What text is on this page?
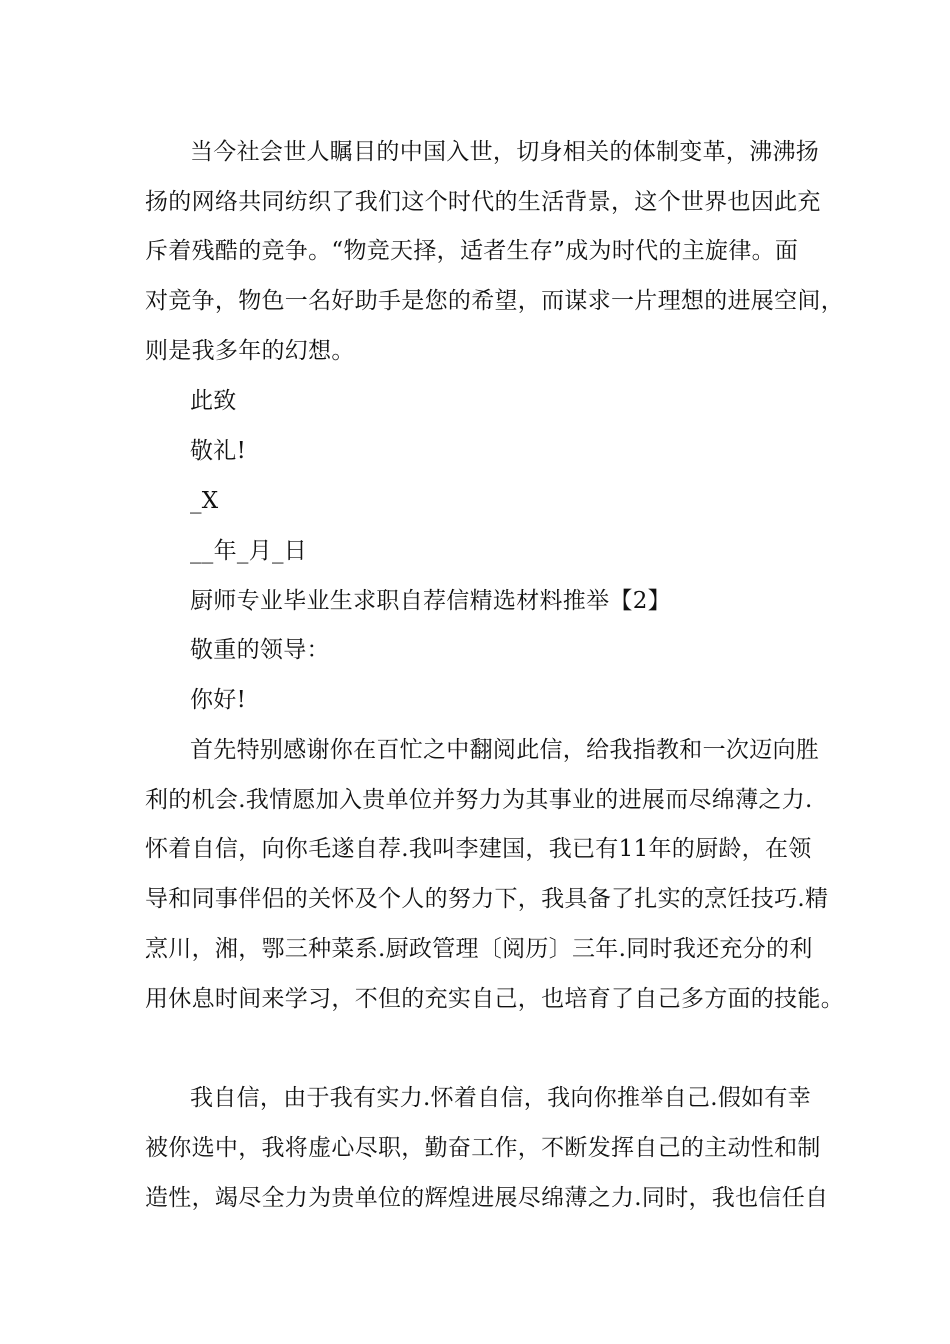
当今社会世人瞩目的中国入世，切身相关的体制变革，沸沸扬
扬的网络共同纺织了我们这个时代的生活背景，这个世界也因此充
斥着残酷的竞争。“物竞天择，适者生存”成为时代的主旋律。面
对竞争，物色一名好助手是您的希望，而谋求一片理想的进展空间，
则是我多年的幻想。
此致
敬礼!
_X
__年_月_日
厨师专业毕业生求职自荐信精选材料推举【2】
敬重的领导：
你好!
首先特别感谢你在百忙之中翻阅此信，给我指教和一次迈向胜
利的机会.我情愿加入贵单位并努力为其事业的进展而尽绵薄之力.
怀着自信，向你毛遂自荐.我叫李建国，我已有11年的厨龄，在领
导和同事伴侣的关怀及个人的努力下，我具备了扎实的烹饪技巧.精
烹川，湘，鄂三种菜系.厨政管理〔阅历〕三年.同时我还充分的利
用休息时间来学习，不但的充实自己，也培育了自己多方面的技能。
我自信，由于我有实力.怀着自信，我向你推举自己.假如有幸
被你选中，我将虚心尽职，勤奋工作，不断发挥自己的主动性和制
造性，竭尽全力为贵单位的辉煌进展尽绵薄之力.同时，我也信任自
